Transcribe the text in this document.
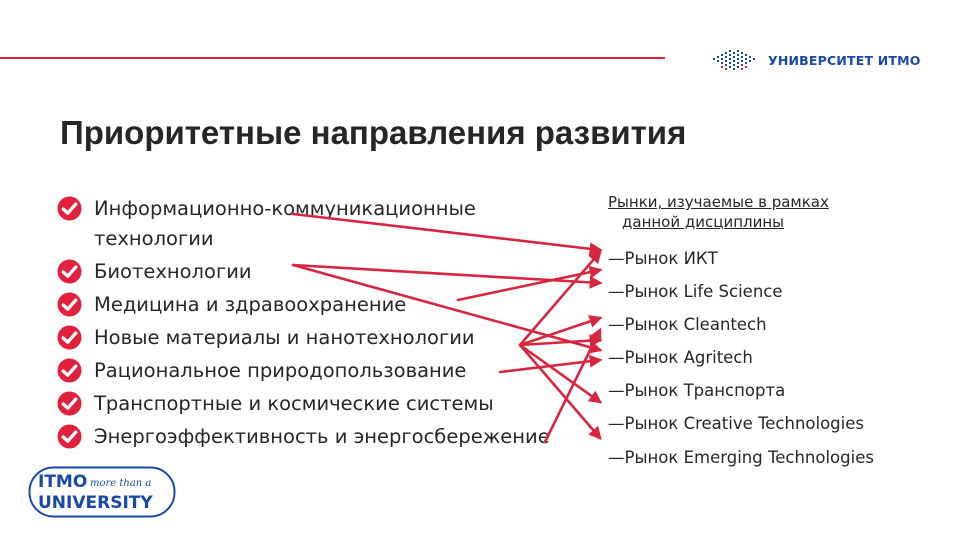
УНИВЕРСИТЕТ ИТМО
Приоритетные направления развития
Информационно-коммуникационные
технологии
Биотехнологии
Медицина и здравоохранение
Новые материалы и нанотехнологии
Рациональное природопользование
Транспортные и космические системы
Энергоэффективность и энергосбережение
Рынки, изучаемые в рамках
данной дисциплины
—Рынок ИКТ
—Рынок Life Science
—Рынок Cleantech
—Рынок Agritech
—Рынок Транспорта
—Рынок Creative Technologies
—Рынок Emerging Technologies
ITMO more than a
UNIVERSITY
